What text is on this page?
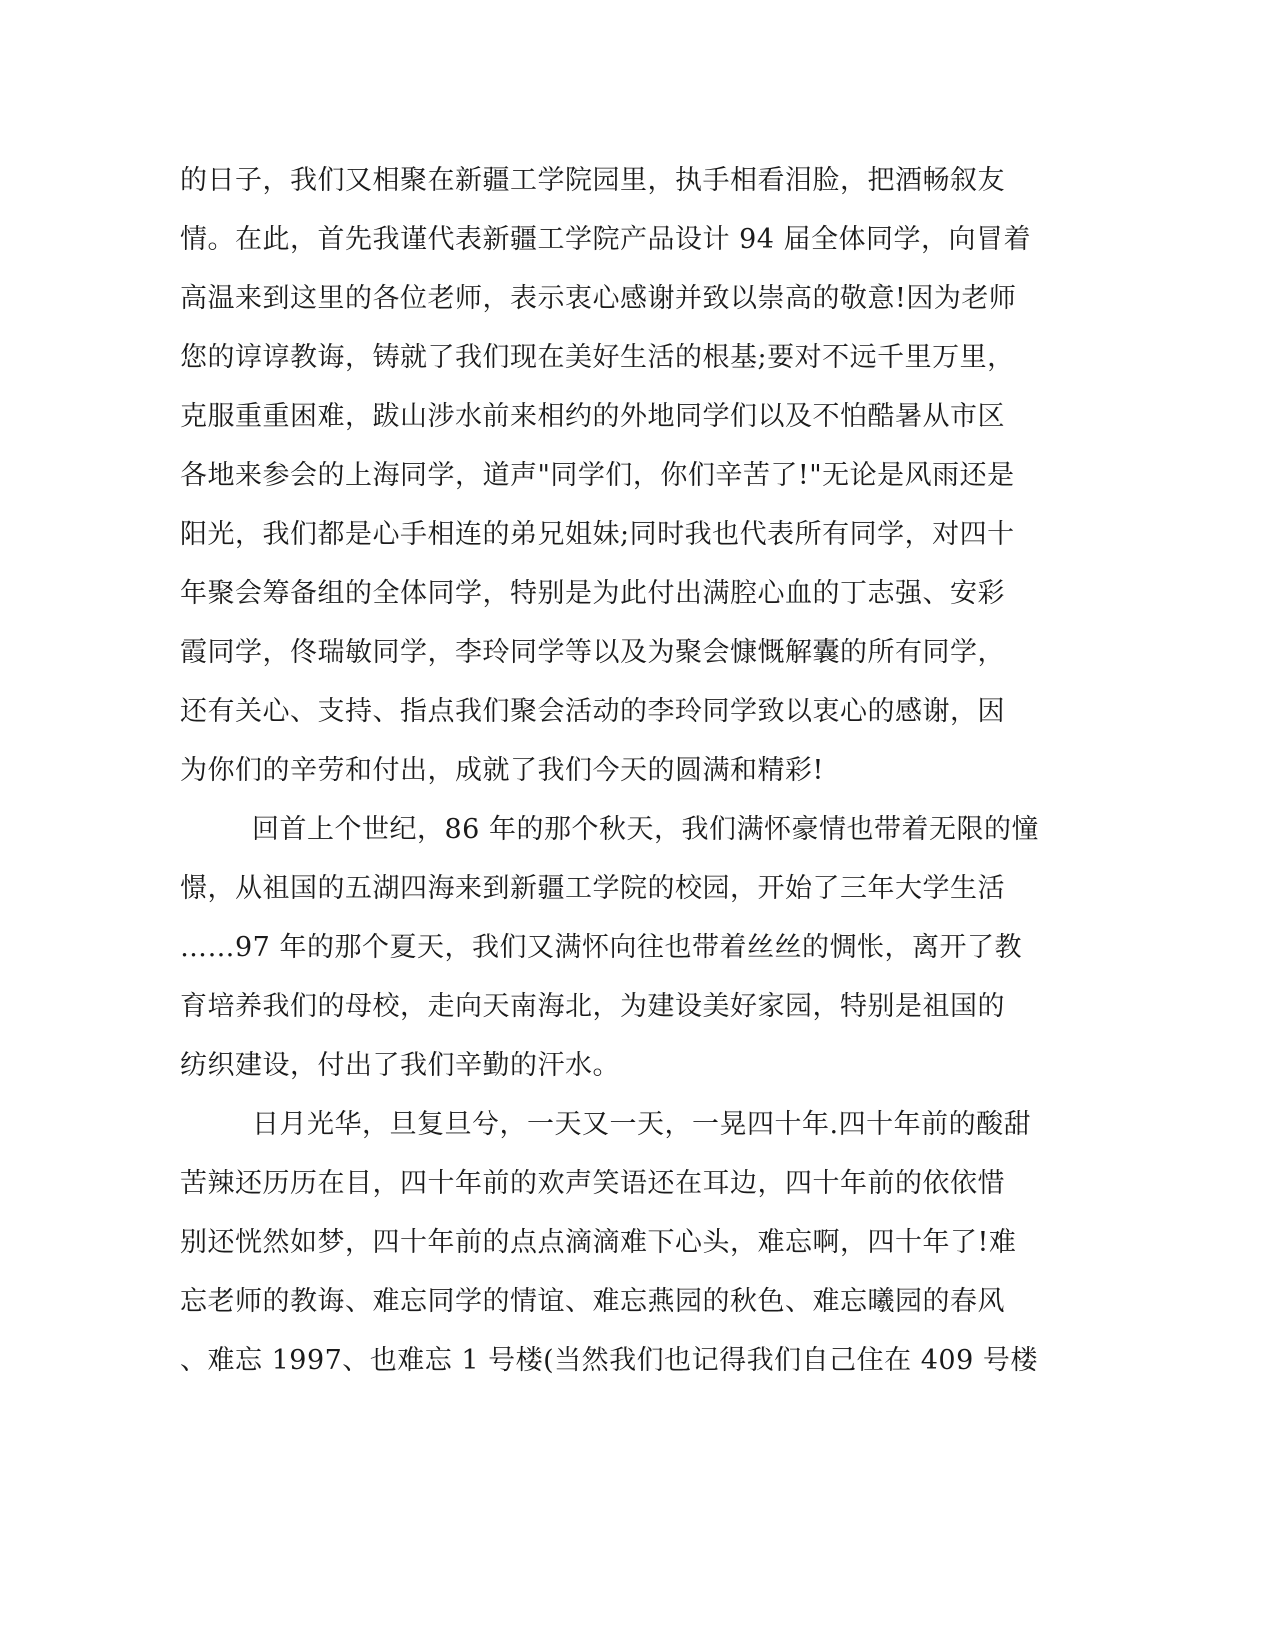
的日子，我们又相聚在新疆工学院园里，执手相看泪脸，把酒畅叙友
情。在此，首先我谨代表新疆工学院产品设计 94 届全体同学，向冒着
高温来到这里的各位老师，表示衷心感谢并致以崇高的敬意!因为老师
您的谆谆教诲，铸就了我们现在美好生活的根基;要对不远千里万里，
克服重重困难，跋山涉水前来相约的外地同学们以及不怕酷暑从市区
各地来参会的上海同学，道声"同学们，你们辛苦了!"无论是风雨还是
阳光，我们都是心手相连的弟兄姐妹;同时我也代表所有同学，对四十
年聚会筹备组的全体同学，特别是为此付出满腔心血的丁志强、安彩
霞同学，佟瑞敏同学，李玲同学等以及为聚会慷慨解囊的所有同学，
还有关心、支持、指点我们聚会活动的李玲同学致以衷心的感谢，因
为你们的辛劳和付出，成就了我们今天的圆满和精彩!
回首上个世纪，86 年的那个秋天，我们满怀豪情也带着无限的憧
憬，从祖国的五湖四海来到新疆工学院的校园，开始了三年大学生活
……97 年的那个夏天，我们又满怀向往也带着丝丝的惆怅，离开了教
育培养我们的母校，走向天南海北，为建设美好家园，特别是祖国的
纺织建设，付出了我们辛勤的汗水。
日月光华，旦复旦兮，一天又一天，一晃四十年.四十年前的酸甜
苦辣还历历在目，四十年前的欢声笑语还在耳边，四十年前的依依惜
别还恍然如梦，四十年前的点点滴滴难下心头，难忘啊，四十年了!难
忘老师的教诲、难忘同学的情谊、难忘燕园的秋色、难忘曦园的春风
、难忘 1997、也难忘 1 号楼(当然我们也记得我们自己住在 409 号楼
